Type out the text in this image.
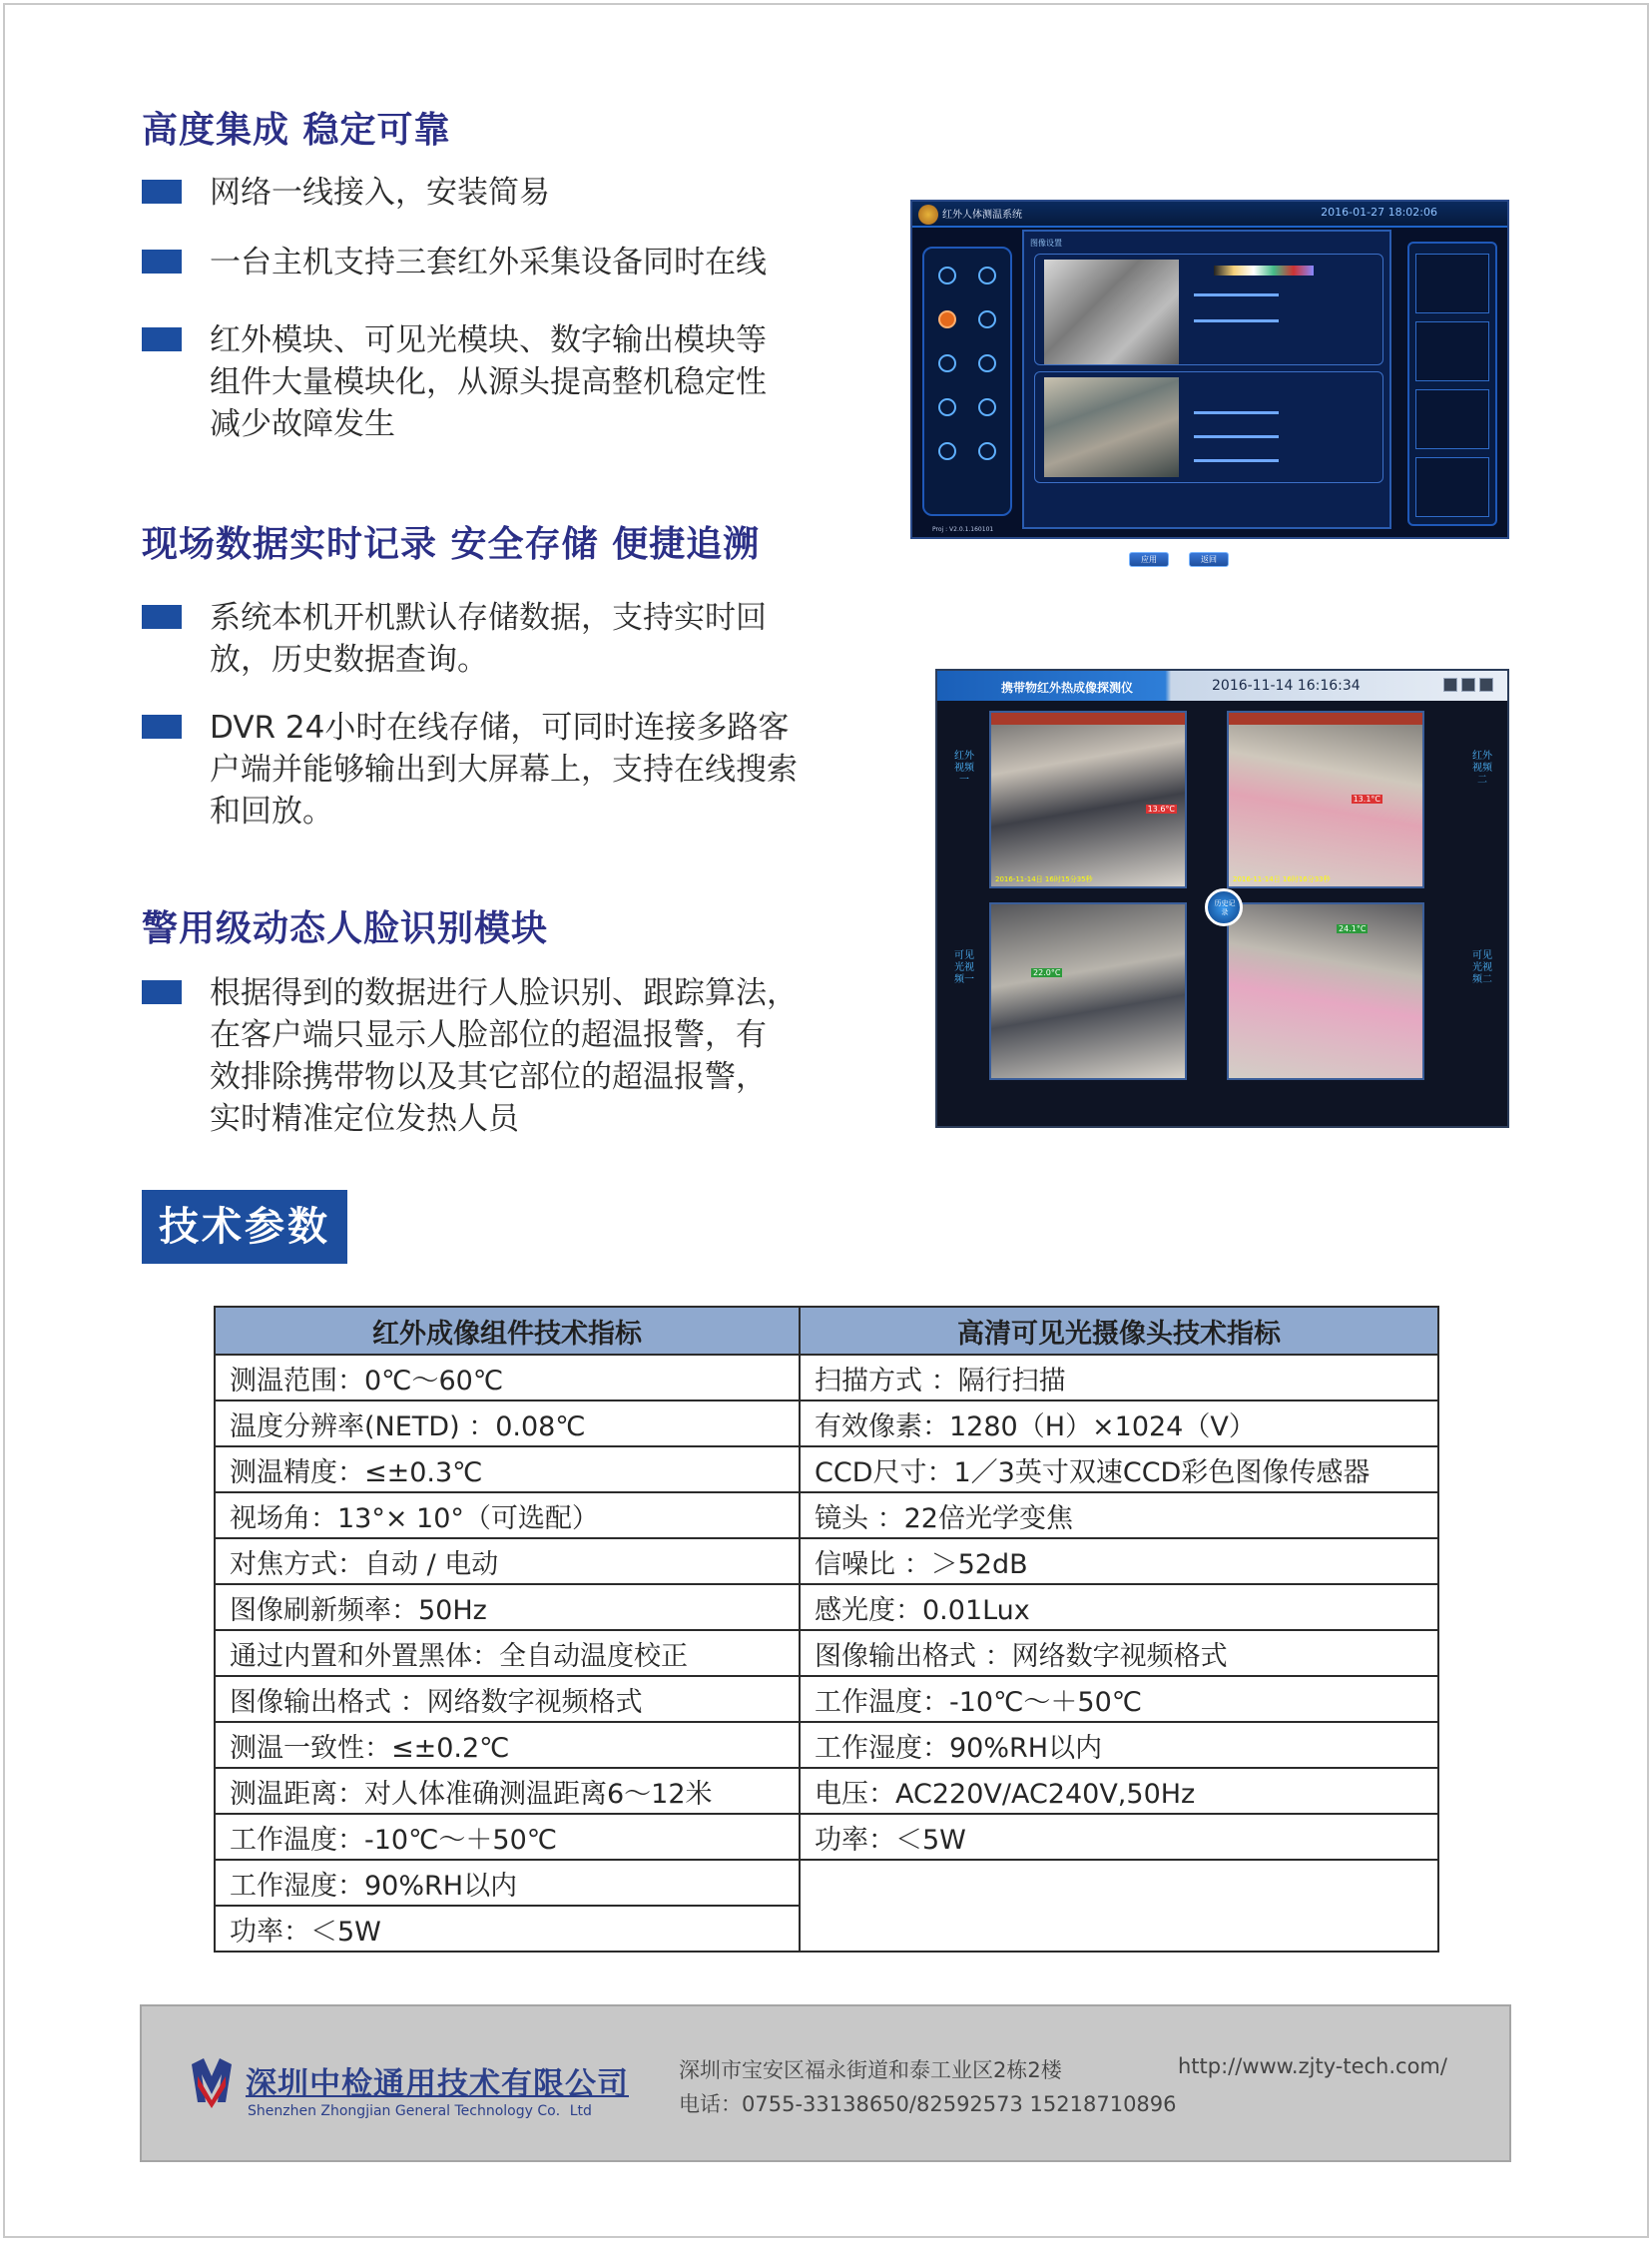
高度集成 稳定可靠
网络一线接入，安装简易
一台主机支持三套红外采集设备同时在线
红外模块、可见光模块、数字输出模块等
组件大量模块化，从源头提高整机稳定性
减少故障发生
现场数据实时记录 安全存储 便捷追溯
系统本机开机默认存储数据，支持实时回
放，历史数据查询。
DVR 24小时在线存储，可同时连接多路客
户端并能够输出到大屏幕上，支持在线搜索
和回放。
警用级动态人脸识别模块
根据得到的数据进行人脸识别、跟踪算法，
在客户端只显示人脸部位的超温报警，有
效排除携带物以及其它部位的超温报警，
实时精准定位发热人员
红外人体测温系统	2016-01-27 18:02:06
图像设置
应用	返回
Proj : V2.0.1.160101
携带物红外热成像探测仪	2016-11-14 16:16:34
红外视频一
可见光视频一
红外视频二
可见光视频二
13.6°C
2016-11-14日 16时15分35秒
13.1°C
2016-11-14日 16时16分33秒
22.0°C
24.1°C
历史记录
技术参数
红外成像组件技术指标	高清可见光摄像头技术指标
测温范围：0℃～60℃	扫描方式 ：隔行扫描
温度分辨率(NETD) ：0.08℃	有效像素：1280（H）×1024（V）
测温精度：≤±0.3℃	CCD尺寸：1／3英寸双速CCD彩色图像传感器
视场角：13°× 10°（可选配）	镜头 ：22倍光学变焦
对焦方式：自动 / 电动	信噪比 ：＞52dB
图像刷新频率：50Hz	感光度：0.01Lux
通过内置和外置黑体：全自动温度校正	图像输出格式 ：网络数字视频格式
图像输出格式 ：网络数字视频格式	工作温度：-10℃～＋50℃
测温一致性：≤±0.2℃	工作湿度：90%RH以内
测温距离：对人体准确测温距离6～12米	电压：AC220V/AC240V,50Hz
工作温度：-10℃～＋50℃	功率：＜5W
工作湿度：90%RH以内	
功率：＜5W	
深圳中检通用技术有限公司
Shenzhen Zhongjian General Technology Co．Ltd
深圳市宝安区福永街道和泰工业区2栋2楼	http://www.zjty-tech.com/
电话：0755-33138650/82592573 15218710896
